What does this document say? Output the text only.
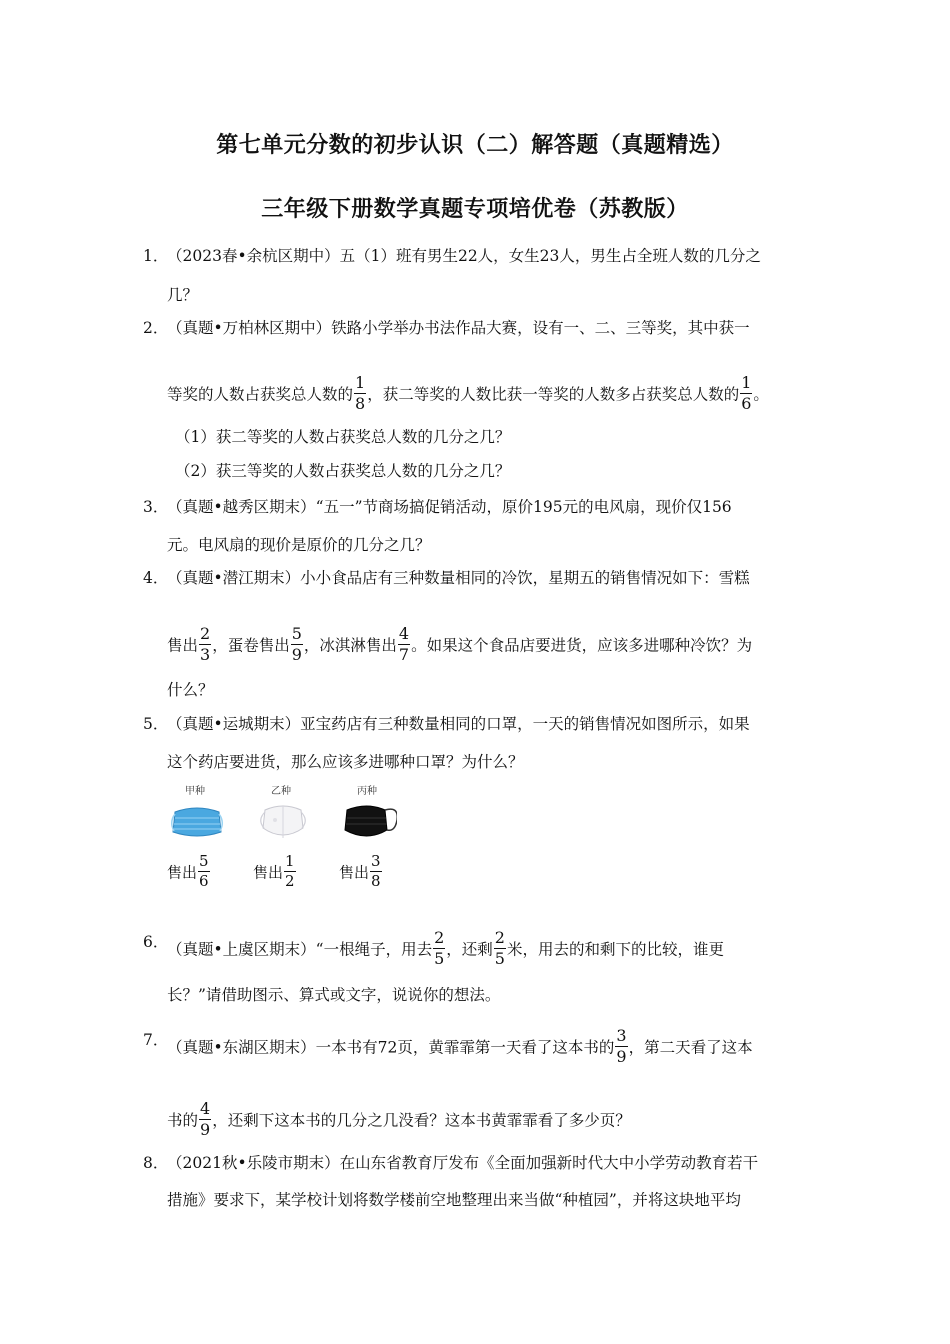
第七单元分数的初步认识（二）解答题（真题精选）
三年级下册数学真题专项培优卷（苏教版）
1．
（2023春•余杭区期中）五（1）班有男生22人，女生23人，男生占全班人数的几分之
几？
2．
（真题•万柏林区期中）铁路小学举办书法作品大赛，设有一、二、三等奖，其中获一
等奖的人数占获奖总人数的 $\frac{1}{8}$ ，获二等奖的人数比获一等奖的人数多占获奖总人数的 $\frac{1}{6}$ 。
（1）获二等奖的人数占获奖总人数的几分之几？
（2）获三等奖的人数占获奖总人数的几分之几？
3．
（真题•越秀区期末）“五一”节商场搞促销活动，原价195元的电风扇，现价仅156
元。电风扇的现价是原价的几分之几？
4．
（真题•潜江期末）小小食品店有三种数量相同的冷饮，星期五的销售情况如下：雪糕
售出 $\frac{2}{3}$ ，蛋卷售出 $\frac{5}{9}$ ，冰淇淋售出 $\frac{4}{7}$ 。如果这个食品店要进货，应该多进哪种冷饮？为
什么？
5．
（真题•运城期末）亚宝药店有三种数量相同的口罩，一天的销售情况如图所示，如果
这个药店要进货，那么应该多进哪种口罩？为什么？
甲种
售出 $\frac{5}{6}$
乙种
售出 $\frac{1}{2}$
丙种
售出 $\frac{3}{8}$
6．
（真题•上虞区期末）“一根绳子，用去 $\frac{2}{5}$ ，还剩 $\frac{2}{5}$ 米，用去的和剩下的比较，谁更
长？”请借助图示、算式或文字，说说你的想法。
7．
（真题•东湖区期末）一本书有72页，黄霏霏第一天看了这本书的 $\frac{3}{9}$ ，第二天看了这本
书的 $\frac{4}{9}$ ，还剩下这本书的几分之几没看？这本书黄霏霏看了多少页？
8．
（2021秋•乐陵市期末）在山东省教育厅发布《全面加强新时代大中小学劳动教育若干
措施》要求下，某学校计划将数学楼前空地整理出来当做“种植园”，并将这块地平均
